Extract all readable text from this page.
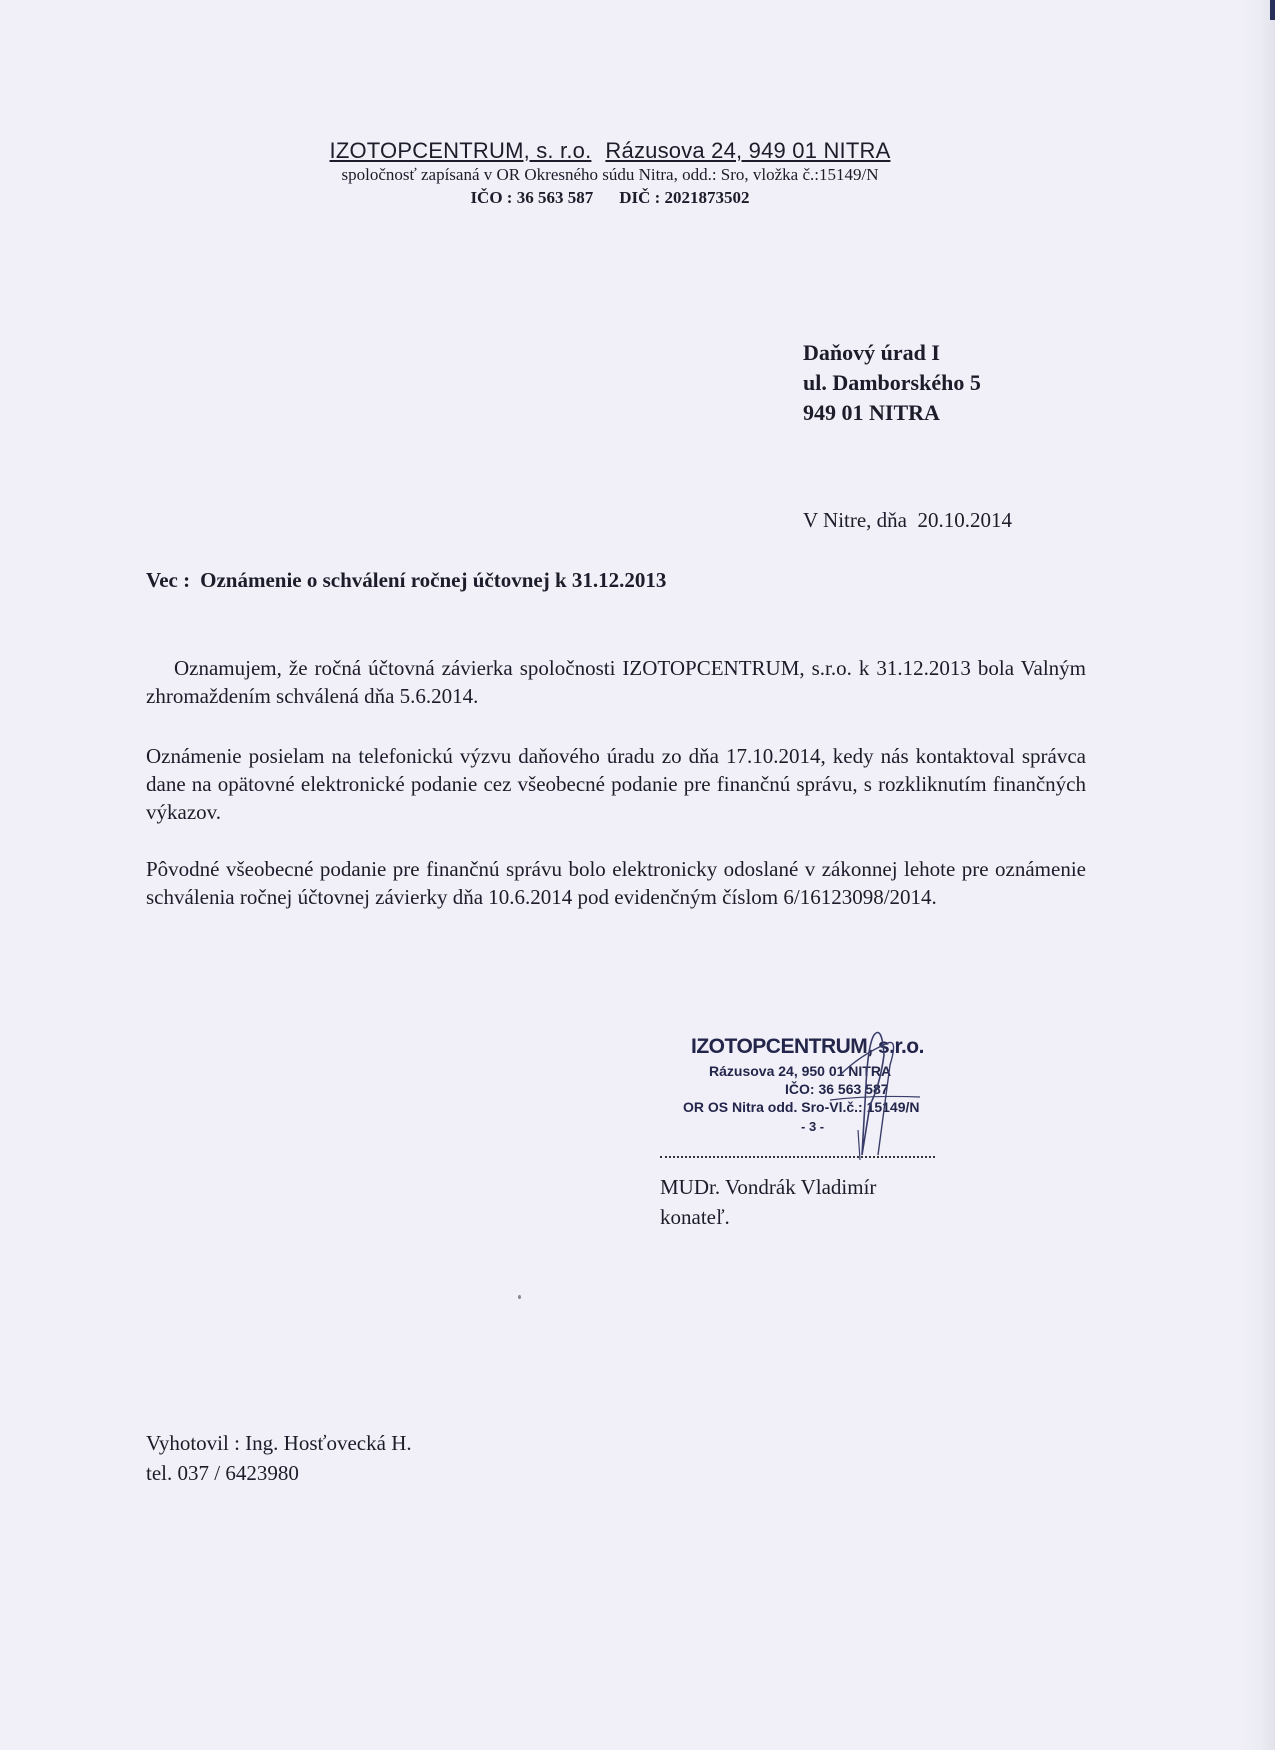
IZOTOPCENTRUM, s. r.o. Rázusova 24, 949 01 NITRA

spoločnosť zapísaná v OR Okresného súdu Nitra, odd.: Sro, vložka č.:15149/N

IČO : 36 563 587 DIČ : 2021873502

Daňový úrad I
ul. Damborského 5
949 01 NITRA
V Nitre, dňa  20.10.2014
Vec : Oznámenie o schválení ročnej účtovnej k 31.12.2013

Oznamujem, že ročná účtovná závierka spoločnosti IZOTOPCENTRUM, s.r.o. k 31.12.2013 bola Valným zhromaždením schválená dňa 5.6.2014.

Oznámenie posielam na telefonickú výzvu daňového úradu zo dňa 17.10.2014, kedy nás kontaktoval správca dane na opätovné elektronické podanie cez všeobecné podanie pre finančnú správu, s rozkliknutím finančných výkazov.

Pôvodné všeobecné podanie pre finančnú správu bolo elektronicky odoslané v zákonnej lehote pre oznámenie schválenia ročnej účtovnej závierky dňa 10.6.2014 pod evidenčným číslom 6/16123098/2014.

IZOTOPCENTRUM, s.r.o.
Rázusova 24, 950 01 NITRA
IČO: 36 563 587
OR OS Nitra odd. Sro-Vl.č.: 15149/N
- 3 -
MUDr. Vondrák Vladimír
konateľ.
Vyhotovil : Ing. Hosťovecká H.
tel. 037 / 6423980
